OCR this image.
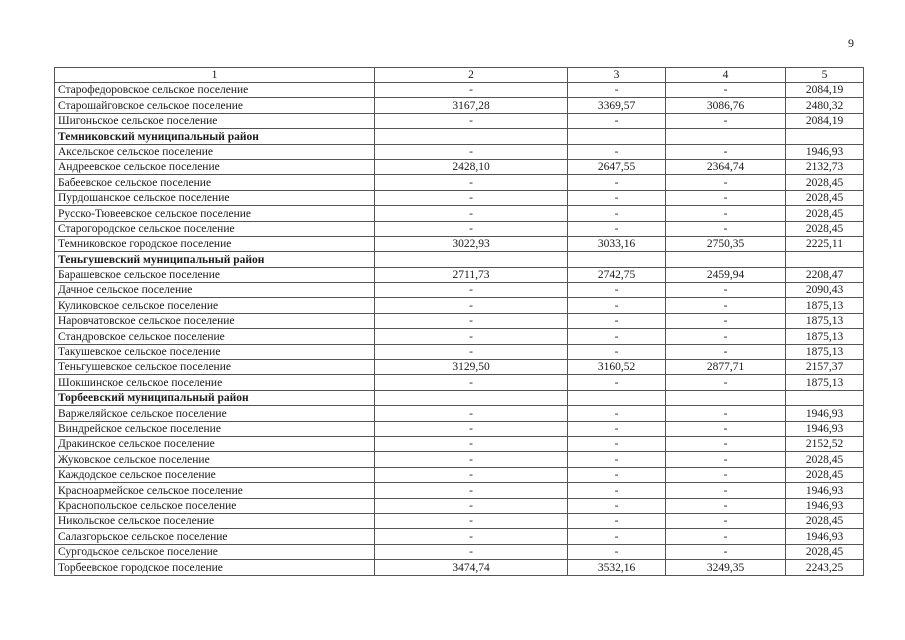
9
1	2	3	4	5
Старофедоровское сельское поселение	-	-	-	2084,19
Старошайговское сельское поселение	3167,28	3369,57	3086,76	2480,32
Шигоньское сельское поселение	-	-	-	2084,19
Темниковский муниципальный район				
Аксельское сельское поселение	-	-	-	1946,93
Андреевское сельское поселение	2428,10	2647,55	2364,74	2132,73
Бабеевское сельское поселение	-	-	-	2028,45
Пурдошанское сельское поселение	-	-	-	2028,45
Русско-Тювеевское сельское поселение	-	-	-	2028,45
Старогородское сельское поселение	-	-	-	2028,45
Темниковское городское поселение	3022,93	3033,16	2750,35	2225,11
Теньгушевский муниципальный район				
Барашевское сельское поселение	2711,73	2742,75	2459,94	2208,47
Дачное сельское поселение	-	-	-	2090,43
Куликовское сельское поселение	-	-	-	1875,13
Наровчатовское сельское поселение	-	-	-	1875,13
Стандровское сельское поселение	-	-	-	1875,13
Такушевское сельское поселение	-	-	-	1875,13
Теньгушевское сельское поселение	3129,50	3160,52	2877,71	2157,37
Шокшинское сельское поселение	-	-	-	1875,13
Торбеевский муниципальный район				
Варжеляйское сельское поселение	-	-	-	1946,93
Виндрейское сельское поселение	-	-	-	1946,93
Дракинское сельское поселение	-	-	-	2152,52
Жуковское сельское поселение	-	-	-	2028,45
Каждодское сельское поселение	-	-	-	2028,45
Красноармейское сельское поселение	-	-	-	1946,93
Краснопольское сельское поселение	-	-	-	1946,93
Никольское сельское поселение	-	-	-	2028,45
Салазгорьское сельское поселение	-	-	-	1946,93
Сургодьское сельское поселение	-	-	-	2028,45
Торбеевское городское поселение	3474,74	3532,16	3249,35	2243,25
